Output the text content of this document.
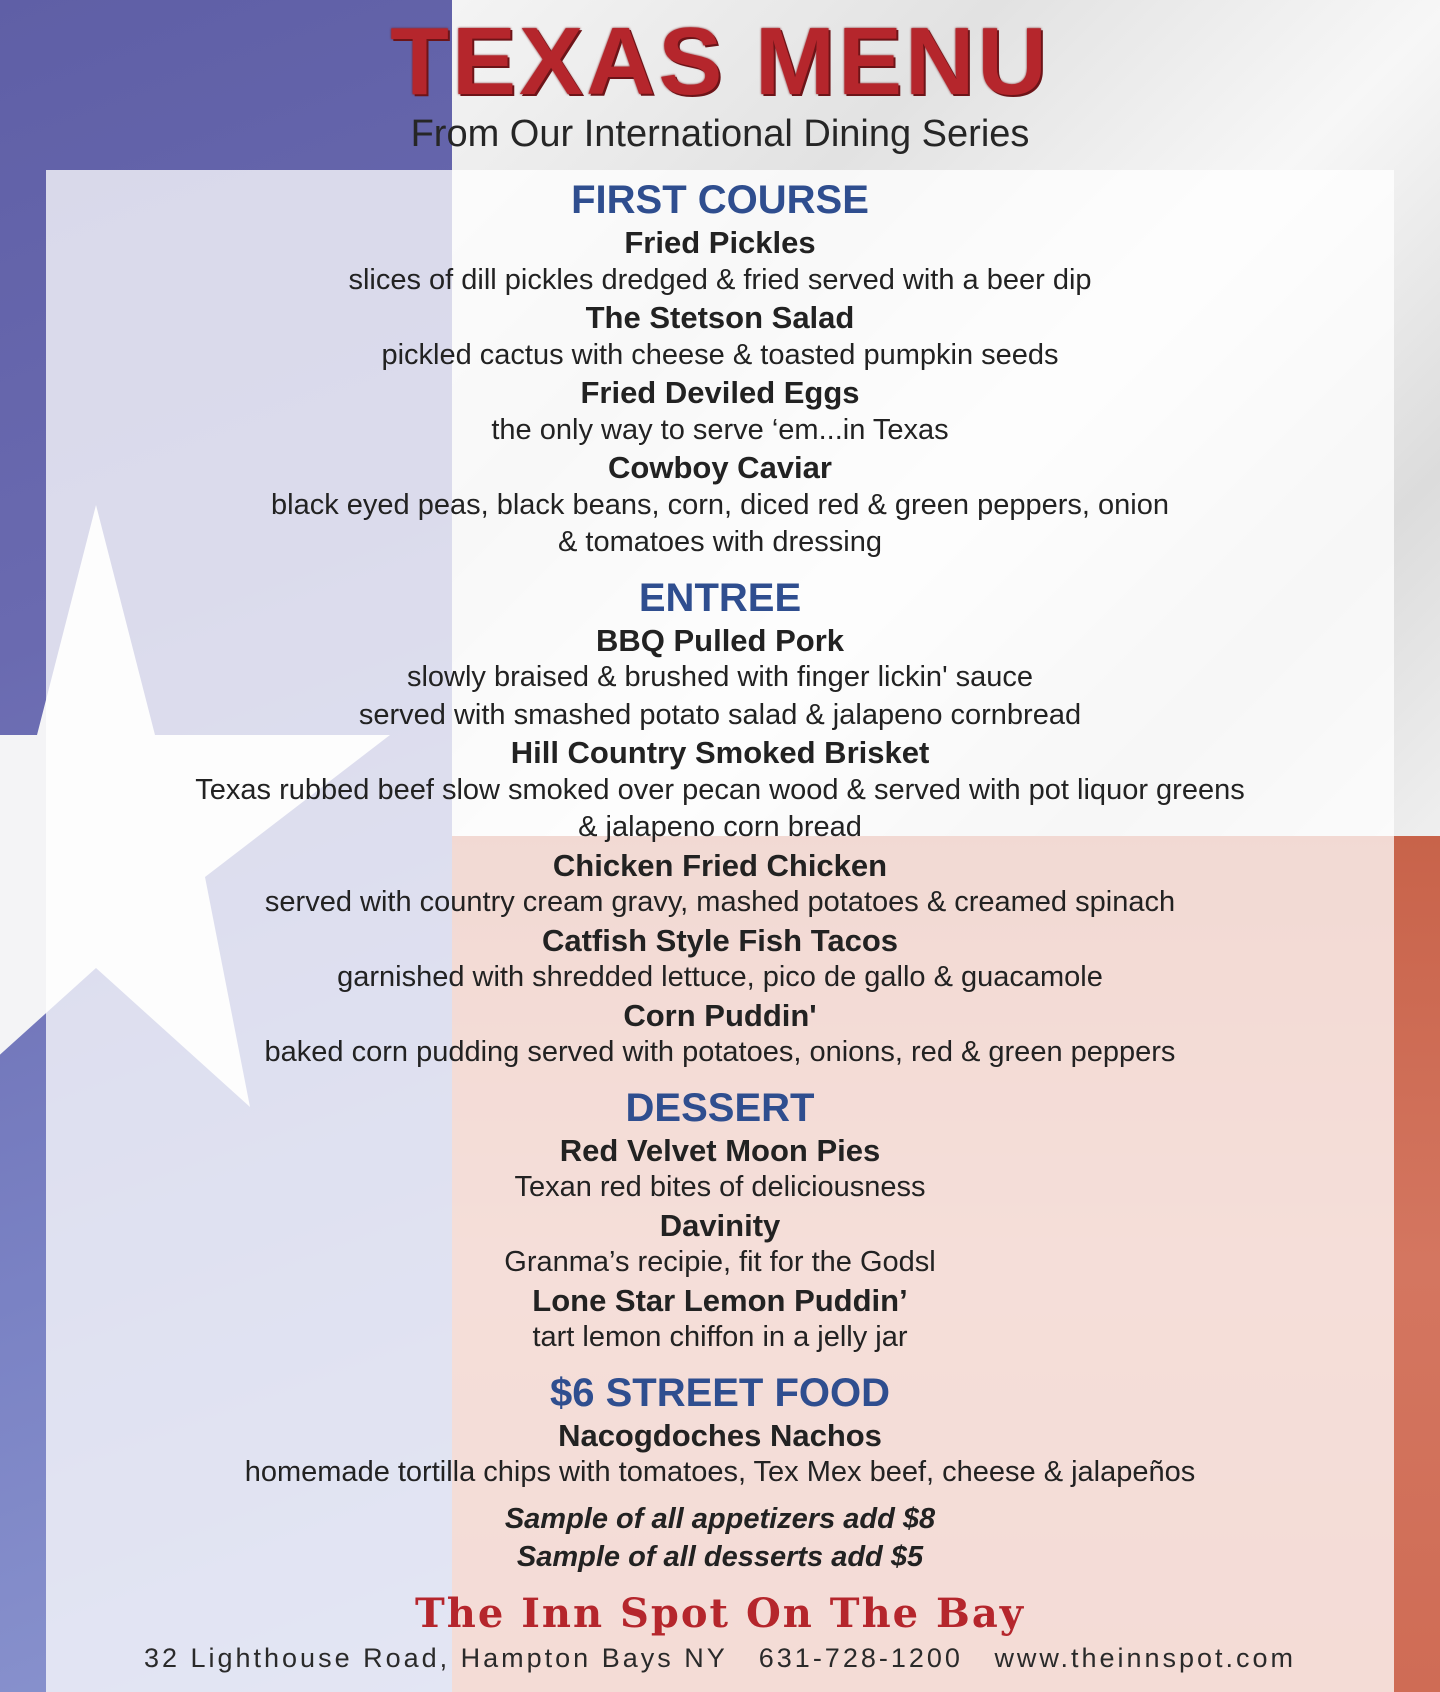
TEXAS MENU
From Our International Dining Series
FIRST COURSE
Fried Pickles
slices of dill pickles dredged & fried served with a beer dip
The Stetson Salad
pickled cactus with cheese & toasted pumpkin seeds
Fried Deviled Eggs
the only way to serve ‘em...in Texas
Cowboy Caviar
black eyed peas, black beans, corn, diced red & green peppers, onion
& tomatoes with dressing
ENTREE
BBQ Pulled Pork
slowly braised & brushed with finger lickin' sauce
served with smashed potato salad & jalapeno cornbread
Hill Country Smoked Brisket
Texas rubbed beef slow smoked over pecan wood & served with pot liquor greens
& jalapeno corn bread
Chicken Fried Chicken
served with country cream gravy, mashed potatoes & creamed spinach
Catfish Style Fish Tacos
garnished with shredded lettuce, pico de gallo & guacamole
Corn Puddin'
baked corn pudding served with potatoes, onions, red & green peppers
DESSERT
Red Velvet Moon Pies
Texan red bites of deliciousness
Davinity
Granma’s recipie, fit for the Godsl
Lone Star Lemon Puddin’
tart lemon chiffon in a jelly jar
$6 STREET FOOD
Nacogdoches Nachos
homemade tortilla chips with tomatoes, Tex Mex beef, cheese & jalapeños
Sample of all appetizers add $8
Sample of all desserts add $5
The Inn Spot On The Bay
32 Lighthouse Road, Hampton Bays NY 631-728-1200 www.theinnspot.com
